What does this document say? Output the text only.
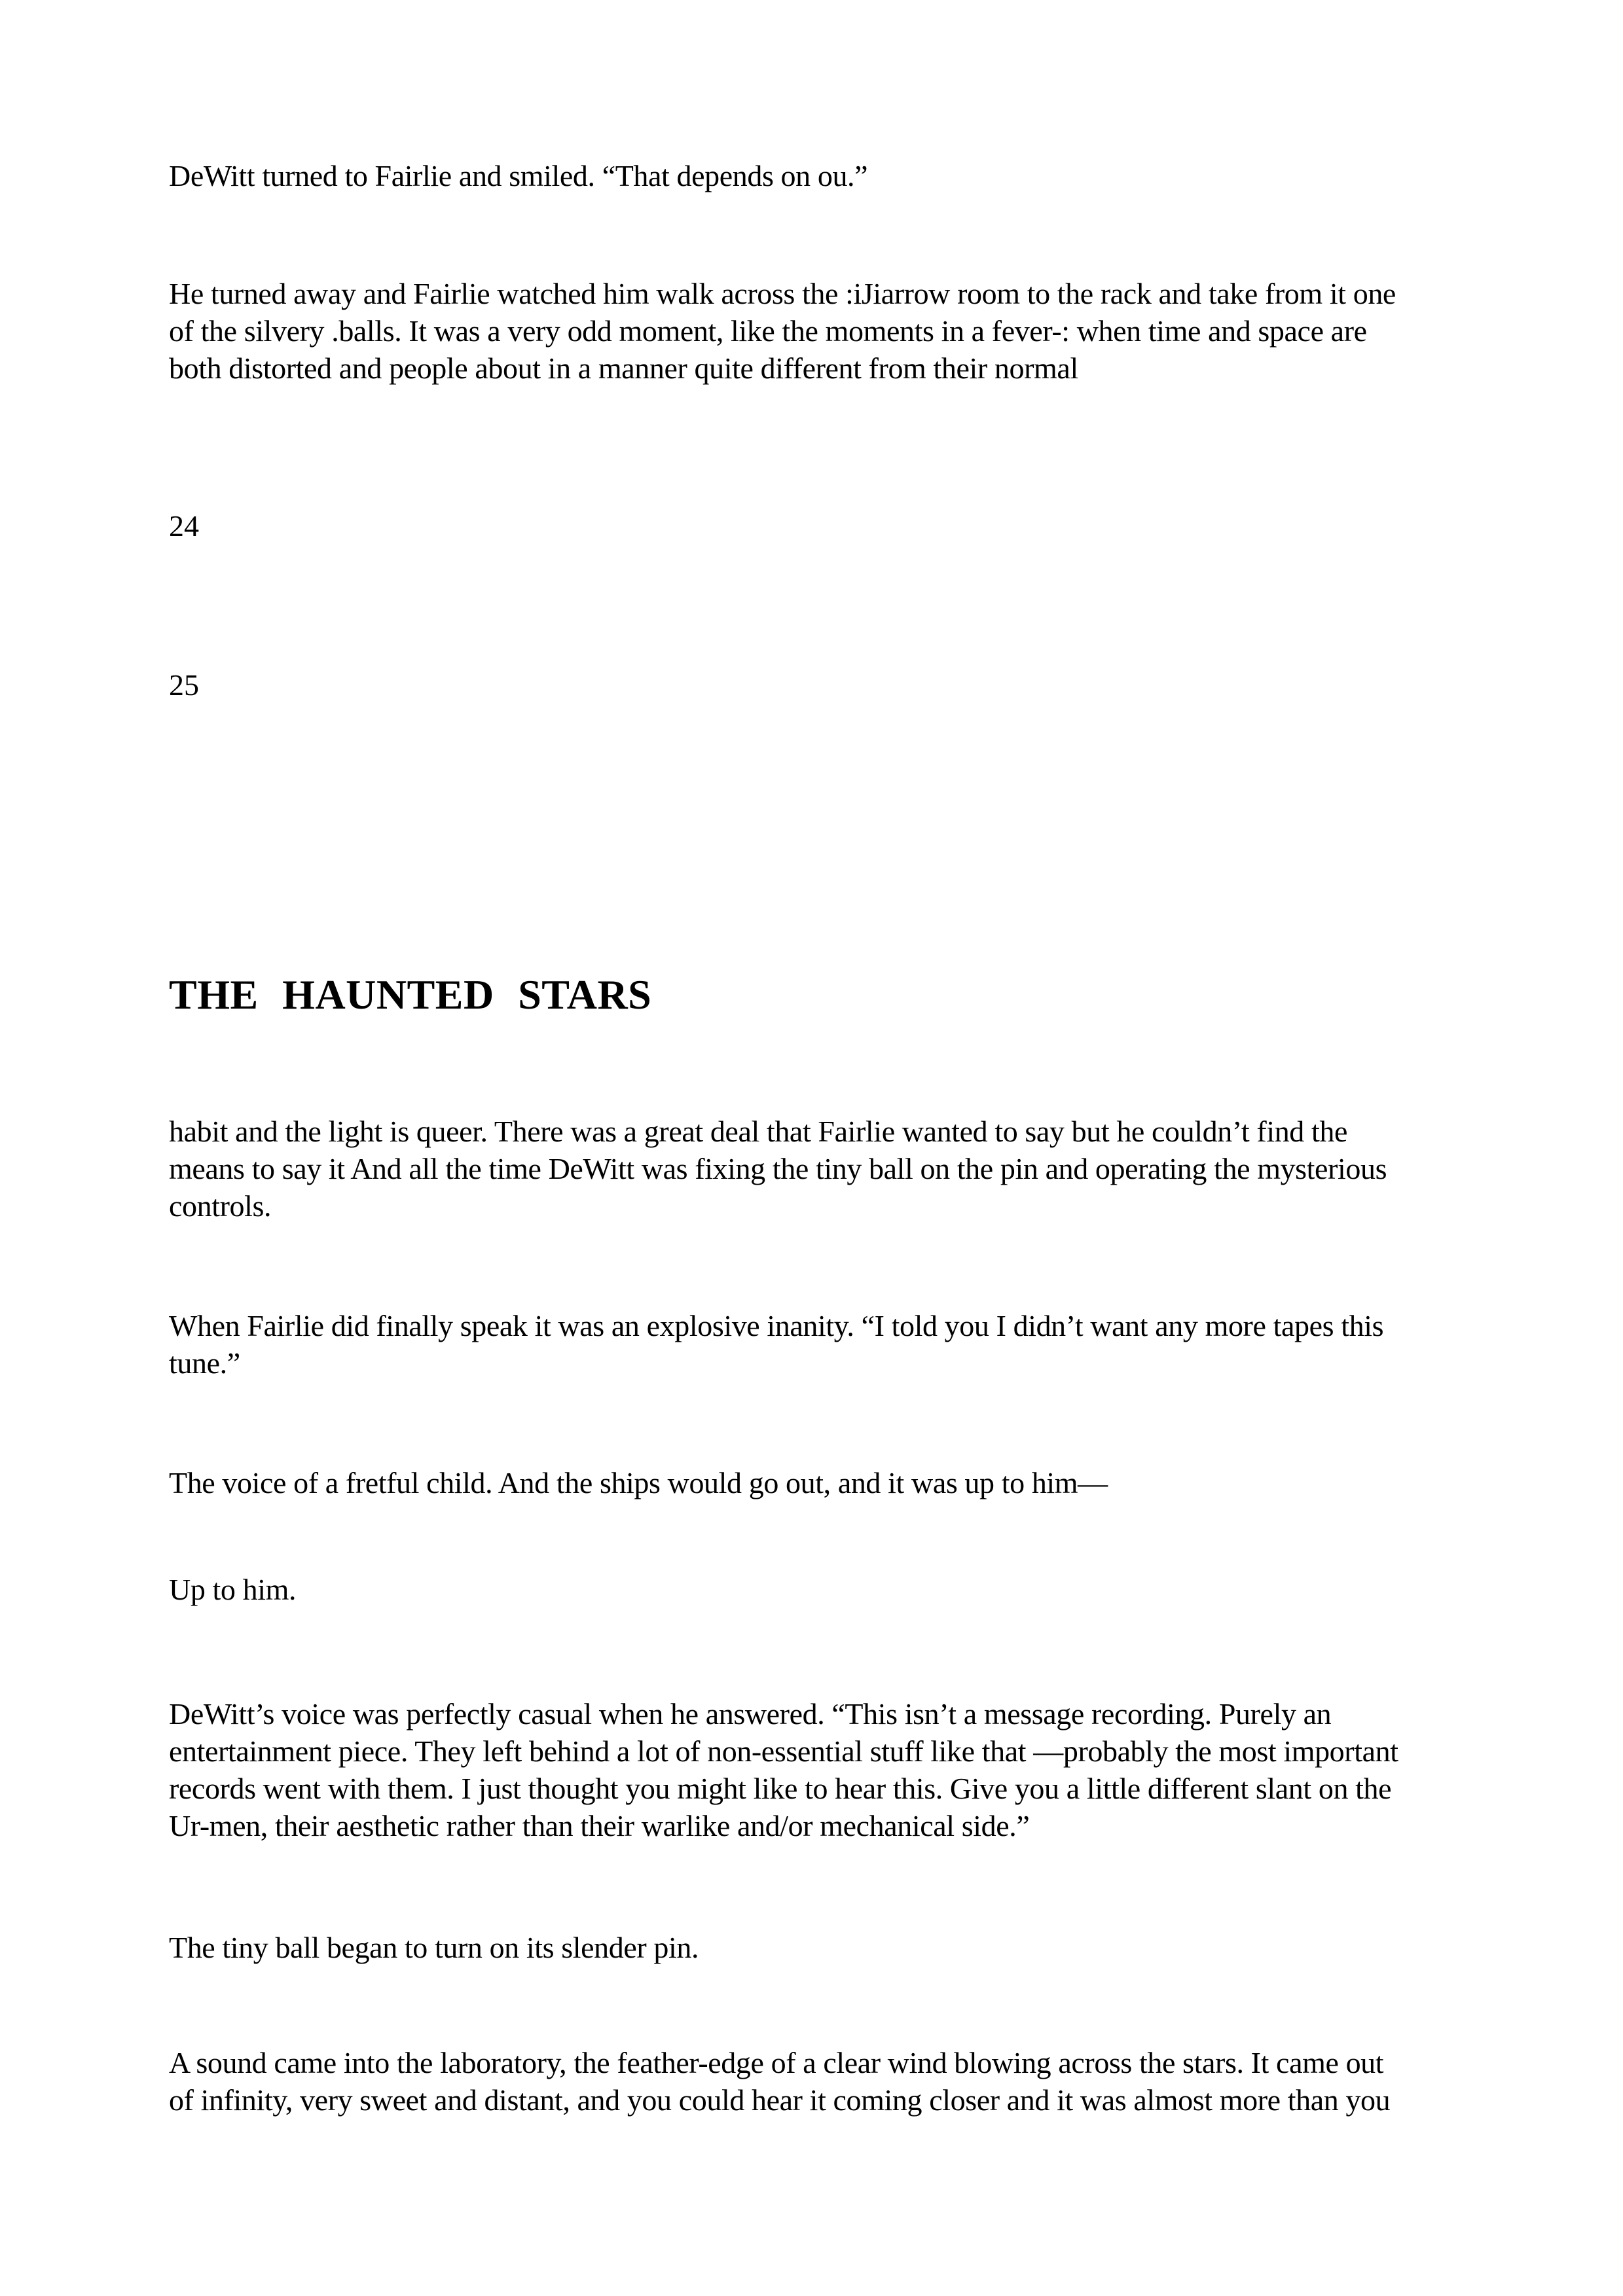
DeWitt turned to Fairlie and smiled. “That depends on ou.”
He turned away and Fairlie watched him walk across the :iJiarrow room to the rack and take from it one
of the silvery .balls. It was a very odd moment, like the moments in a fever-: when time and space are
both distorted and people about in a manner quite different from their normal
24
25
THE HAUNTED STARS
habit and the light is queer. There was a great deal that Fairlie wanted to say but he couldn’t find the
means to say it And all the time DeWitt was fixing the tiny ball on the pin and operating the mysterious
controls.
When Fairlie did finally speak it was an explosive inanity. “I told you I didn’t want any more tapes this
tune.”
The voice of a fretful child. And the ships would go out, and it was up to him—
Up to him.
DeWitt’s voice was perfectly casual when he answered. “This isn’t a message recording. Purely an
entertainment piece. They left behind a lot of non-essential stuff like that —probably the most important
records went with them. I just thought you might like to hear this. Give you a little different slant on the
Ur-men, their aesthetic rather than their warlike and/or mechanical side.”
The tiny ball began to turn on its slender pin.
A sound came into the laboratory, the feather-edge of a clear wind blowing across the stars. It came out
of infinity, very sweet and distant, and you could hear it coming closer and it was almost more than you
